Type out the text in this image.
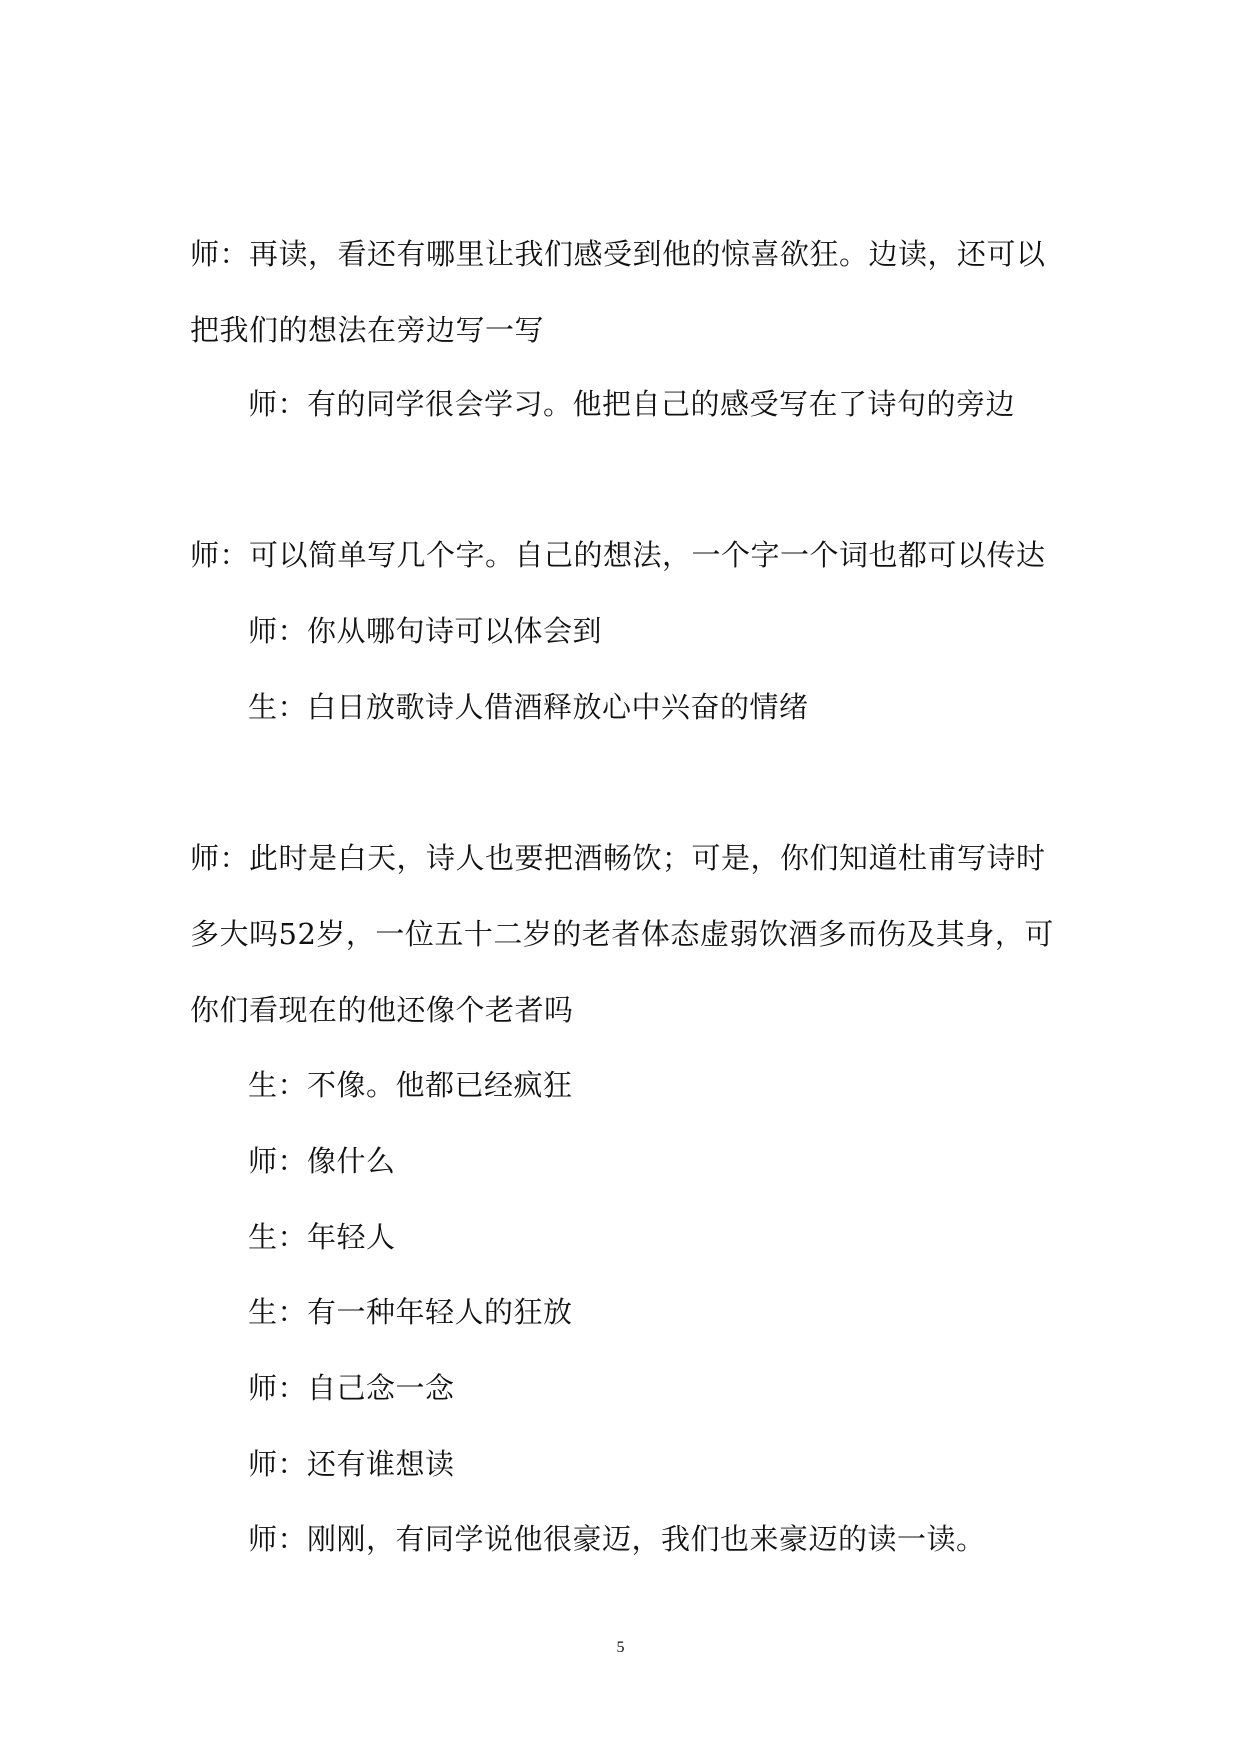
师：再读，看还有哪里让我们感受到他的惊喜欲狂。边读，还可以
把我们的想法在旁边写一写
师：有的同学很会学习。他把自己的感受写在了诗句的旁边
师：可以简单写几个字。自己的想法，一个字一个词也都可以传达
师：你从哪句诗可以体会到
生：白日放歌诗人借酒释放心中兴奋的情绪
师：此时是白天，诗人也要把酒畅饮；可是，你们知道杜甫写诗时
多大吗52岁，一位五十二岁的老者体态虚弱饮酒多而伤及其身，可
你们看现在的他还像个老者吗
生：不像。他都已经疯狂
师：像什么
生：年轻人
生：有一种年轻人的狂放
师：自己念一念
师：还有谁想读
师：刚刚，有同学说他很豪迈，我们也来豪迈的读一读。
5
